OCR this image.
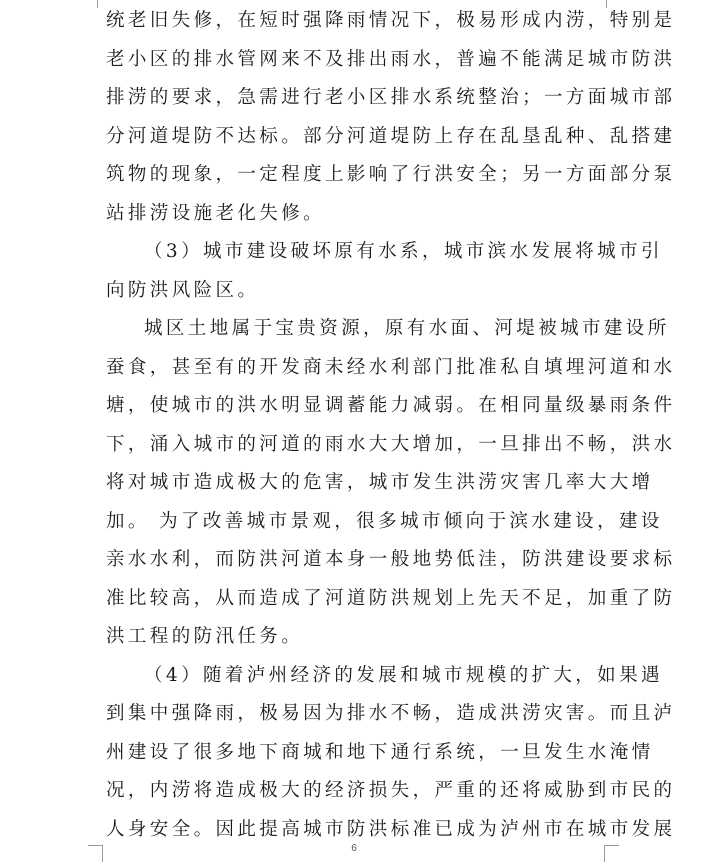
统老旧失修，在短时强降雨情况下，极易形成内涝，特别是
老小区的排水管网来不及排出雨水，普遍不能满足城市防洪
排涝的要求，急需进行老小区排水系统整治；一方面城市部
分河道堤防不达标。部分河道堤防上存在乱垦乱种、乱搭建
筑物的现象，一定程度上影响了行洪安全；另一方面部分泵
站排涝设施老化失修。
（3）城市建设破坏原有水系，城市滨水发展将城市引
向防洪风险区。
城区土地属于宝贵资源，原有水面、河堤被城市建设所
蚕食，甚至有的开发商未经水利部门批准私自填埋河道和水
塘，使城市的洪水明显调蓄能力减弱。在相同量级暴雨条件
下，涌入城市的河道的雨水大大增加，一旦排出不畅，洪水
将对城市造成极大的危害，城市发生洪涝灾害几率大大增
加。 为了改善城市景观，很多城市倾向于滨水建设，建设
亲水水利，而防洪河道本身一般地势低洼，防洪建设要求标
准比较高，从而造成了河道防洪规划上先天不足，加重了防
洪工程的防汛任务。
（4）随着泸州经济的发展和城市规模的扩大，如果遇
到集中强降雨，极易因为排水不畅，造成洪涝灾害。而且泸
州建设了很多地下商城和地下通行系统，一旦发生水淹情
况，内涝将造成极大的经济损失，严重的还将威胁到市民的
人身安全。因此提高城市防洪标准已成为泸州市在城市发展
6
